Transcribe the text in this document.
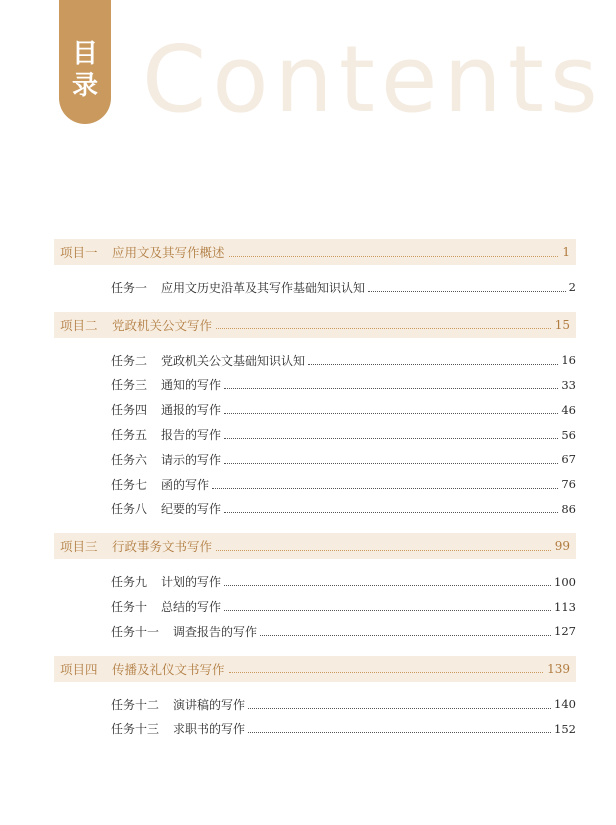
目
录 Contents
项目一	应用文及其写作概述	1
任务一	应用文历史沿革及其写作基础知识认知	2
项目二	党政机关公文写作	15
任务二	党政机关公文基础知识认知	16
任务三	通知的写作	33
任务四	通报的写作	46
任务五	报告的写作	56
任务六	请示的写作	67
任务七	函的写作	76
任务八	纪要的写作	86
项目三	行政事务文书写作	99
任务九	计划的写作	100
任务十	总结的写作	113
任务十一	调查报告的写作	127
项目四	传播及礼仪文书写作	139
任务十二	演讲稿的写作	140
任务十三	求职书的写作	152
